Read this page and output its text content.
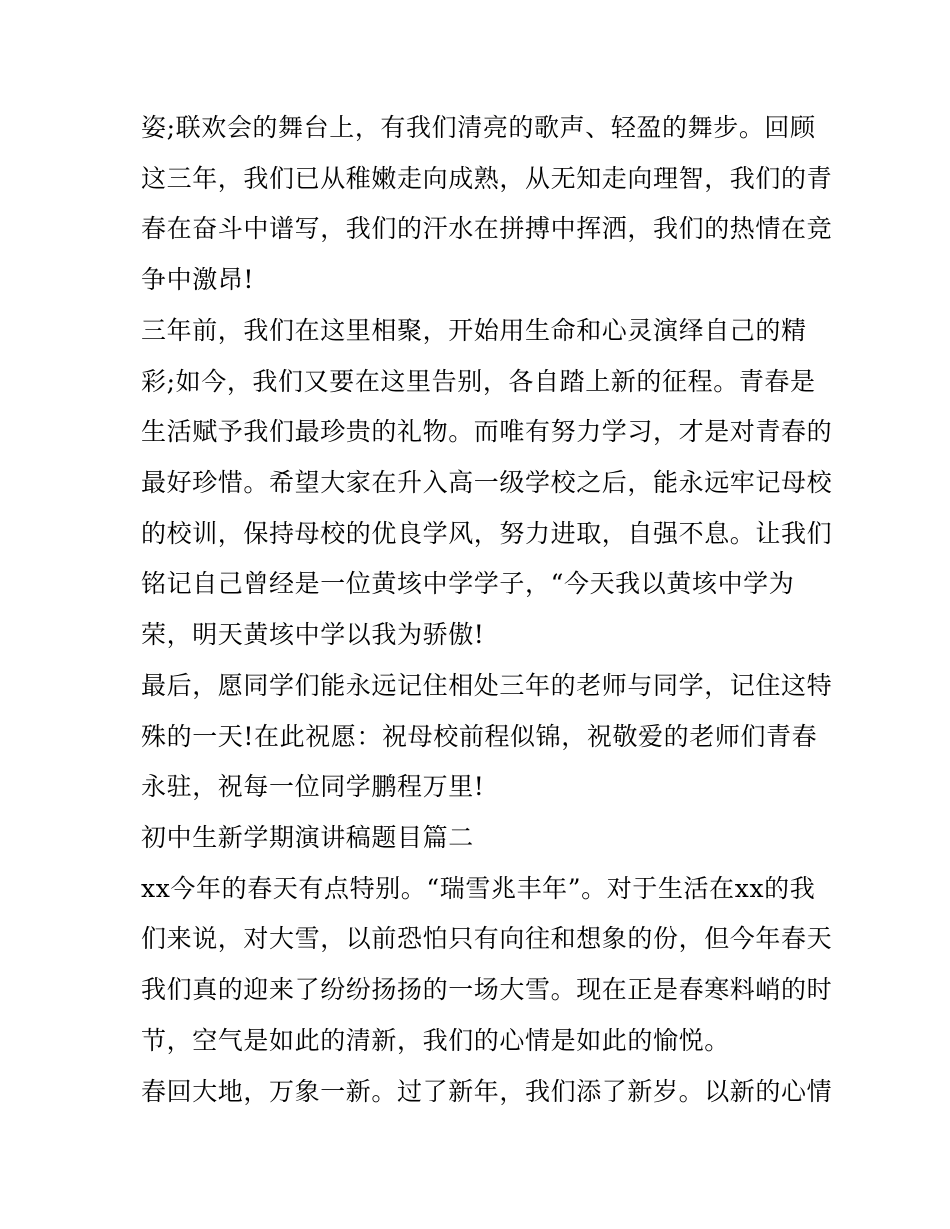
姿;联欢会的舞台上，有我们清亮的歌声、轻盈的舞步。回顾
这三年，我们已从稚嫩走向成熟，从无知走向理智，我们的青
春在奋斗中谱写，我们的汗水在拼搏中挥洒，我们的热情在竞
争中激昂!
三年前，我们在这里相聚，开始用生命和心灵演绎自己的精
彩;如今，我们又要在这里告别，各自踏上新的征程。青春是
生活赋予我们最珍贵的礼物。而唯有努力学习，才是对青春的
最好珍惜。希望大家在升入高一级学校之后，能永远牢记母校
的校训，保持母校的优良学风，努力进取，自强不息。让我们
铭记自己曾经是一位黄垓中学学子，“今天我以黄垓中学为
荣，明天黄垓中学以我为骄傲!
最后，愿同学们能永远记住相处三年的老师与同学，记住这特
殊的一天!在此祝愿：祝母校前程似锦，祝敬爱的老师们青春
永驻，祝每一位同学鹏程万里!
初中生新学期演讲稿题目篇二
xx今年的春天有点特别。“瑞雪兆丰年”。对于生活在xx的我
们来说，对大雪，以前恐怕只有向往和想象的份，但今年春天
我们真的迎来了纷纷扬扬的一场大雪。现在正是春寒料峭的时
节，空气是如此的清新，我们的心情是如此的愉悦。
春回大地，万象一新。过了新年，我们添了新岁。以新的心情
